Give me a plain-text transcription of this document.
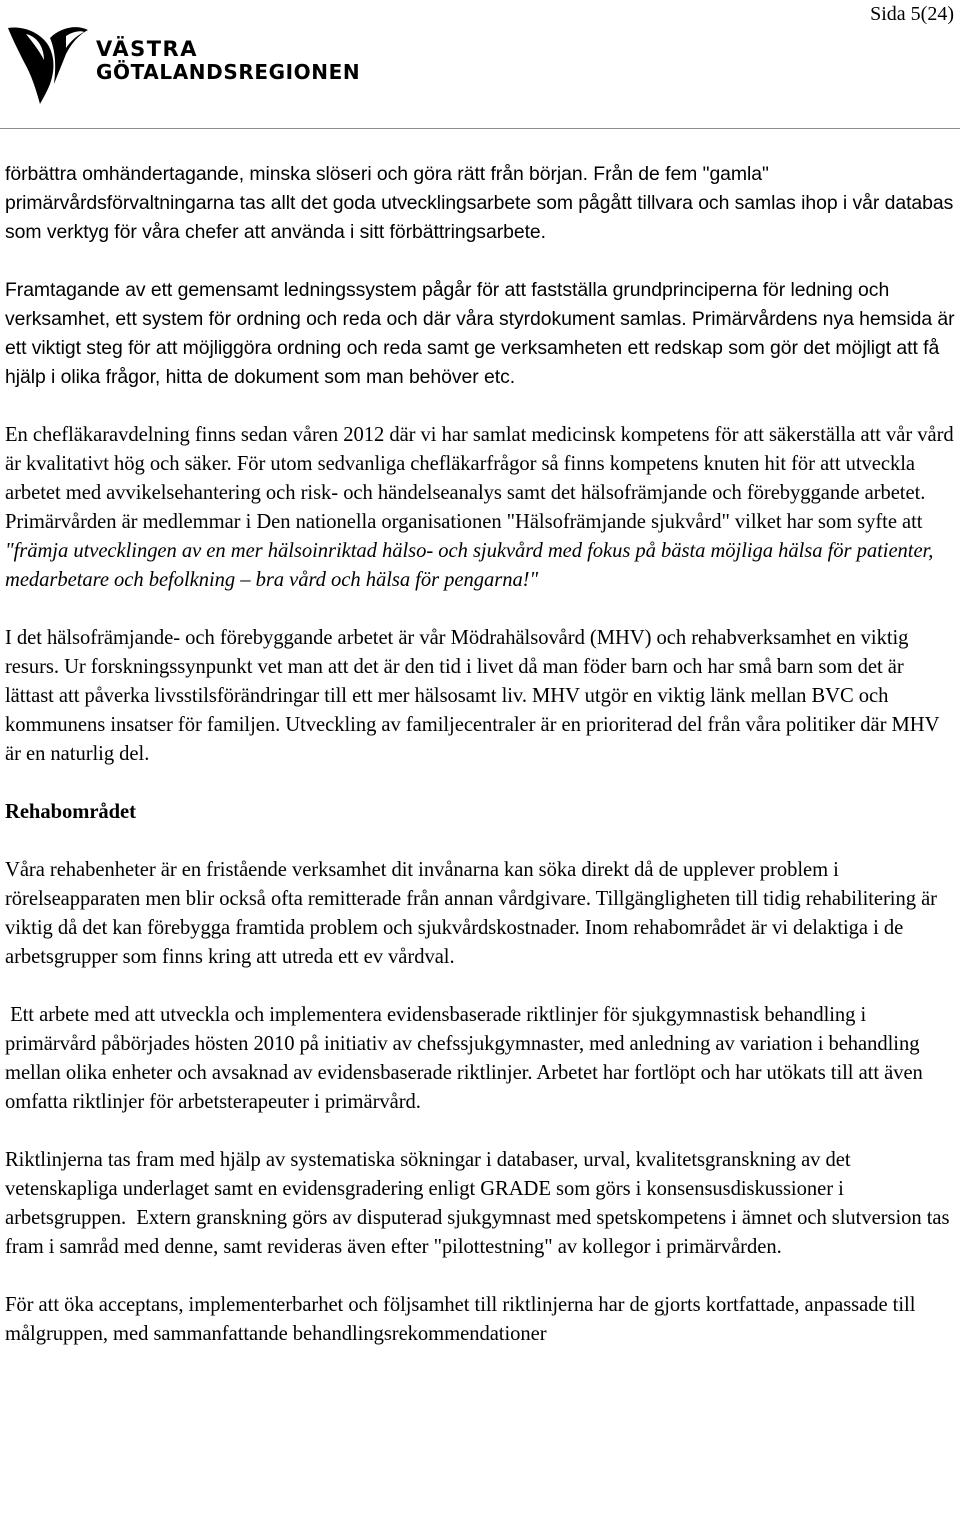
VÄSTRA
GÖTALANDSREGIONEN
Sida 5(24)

förbättra omhändertagande, minska slöseri och göra rätt från början. Från de fem "gamla" primärvårdsförvaltningarna tas allt det goda utvecklingsarbete som pågått tillvara och samlas ihop i vår databas som verktyg för våra chefer att använda i sitt förbättringsarbete.

Framtagande av ett gemensamt ledningssystem pågår för att fastställa grundprinciperna för ledning och verksamhet, ett system för ordning och reda och där våra styrdokument samlas. Primärvårdens nya hemsida är ett viktigt steg för att möjliggöra ordning och reda samt ge verksamheten ett redskap som gör det möjligt att få hjälp i olika frågor, hitta de dokument som man behöver etc.

En chefläkaravdelning finns sedan våren 2012 där vi har samlat medicinsk kompetens för att säkerställa att vår vård är kvalitativt hög och säker. För utom sedvanliga chefläkarfrågor så finns kompetens knuten hit för att utveckla arbetet med avvikelsehantering och risk- och händelseanalys samt det hälsofrämjande och förebyggande arbetet. Primärvården är medlemmar i Den nationella organisationen "Hälsofrämjande sjukvård" vilket har som syfte att "främja utvecklingen av en mer hälsoinriktad hälso- och sjukvård med fokus på bästa möjliga hälsa för patienter, medarbetare och befolkning – bra vård och hälsa för pengarna!"

I det hälsofrämjande- och förebyggande arbetet är vår Mödrahälsovård (MHV) och rehabverksamhet en viktig resurs. Ur forskningssynpunkt vet man att det är den tid i livet då man föder barn och har små barn som det är lättast att påverka livsstilsförändringar till ett mer hälsosamt liv. MHV utgör en viktig länk mellan BVC och kommunens insatser för familjen. Utveckling av familjecentraler är en prioriterad del från våra politiker där MHV är en naturlig del.

Rehabområdet

Våra rehabenheter är en fristående verksamhet dit invånarna kan söka direkt då de upplever problem i rörelseapparaten men blir också ofta remitterade från annan vårdgivare. Tillgängligheten till tidig rehabilitering är viktig då det kan förebygga framtida problem och sjukvårdskostnader. Inom rehabområdet är vi delaktiga i de arbetsgrupper som finns kring att utreda ett ev vårdval.

Ett arbete med att utveckla och implementera evidensbaserade riktlinjer för sjukgymnastisk behandling i primärvård påbörjades hösten 2010 på initiativ av chefssjukgymnaster, med anledning av variation i behandling mellan olika enheter och avsaknad av evidensbaserade riktlinjer. Arbetet har fortlöpt och har utökats till att även omfatta riktlinjer för arbetsterapeuter i primärvård.

Riktlinjerna tas fram med hjälp av systematiska sökningar i databaser, urval, kvalitetsgranskning av det vetenskapliga underlaget samt en evidensgradering enligt GRADE som görs i konsensusdiskussioner i arbetsgruppen.  Extern granskning görs av disputerad sjukgymnast med spetskompetens i ämnet och slutversion tas fram i samråd med denne, samt revideras även efter "pilottestning" av kollegor i primärvården.

För att öka acceptans, implementerbarhet och följsamhet till riktlinjerna har de gjorts kortfattade, anpassade till målgruppen, med sammanfattande behandlingsrekommendationer
